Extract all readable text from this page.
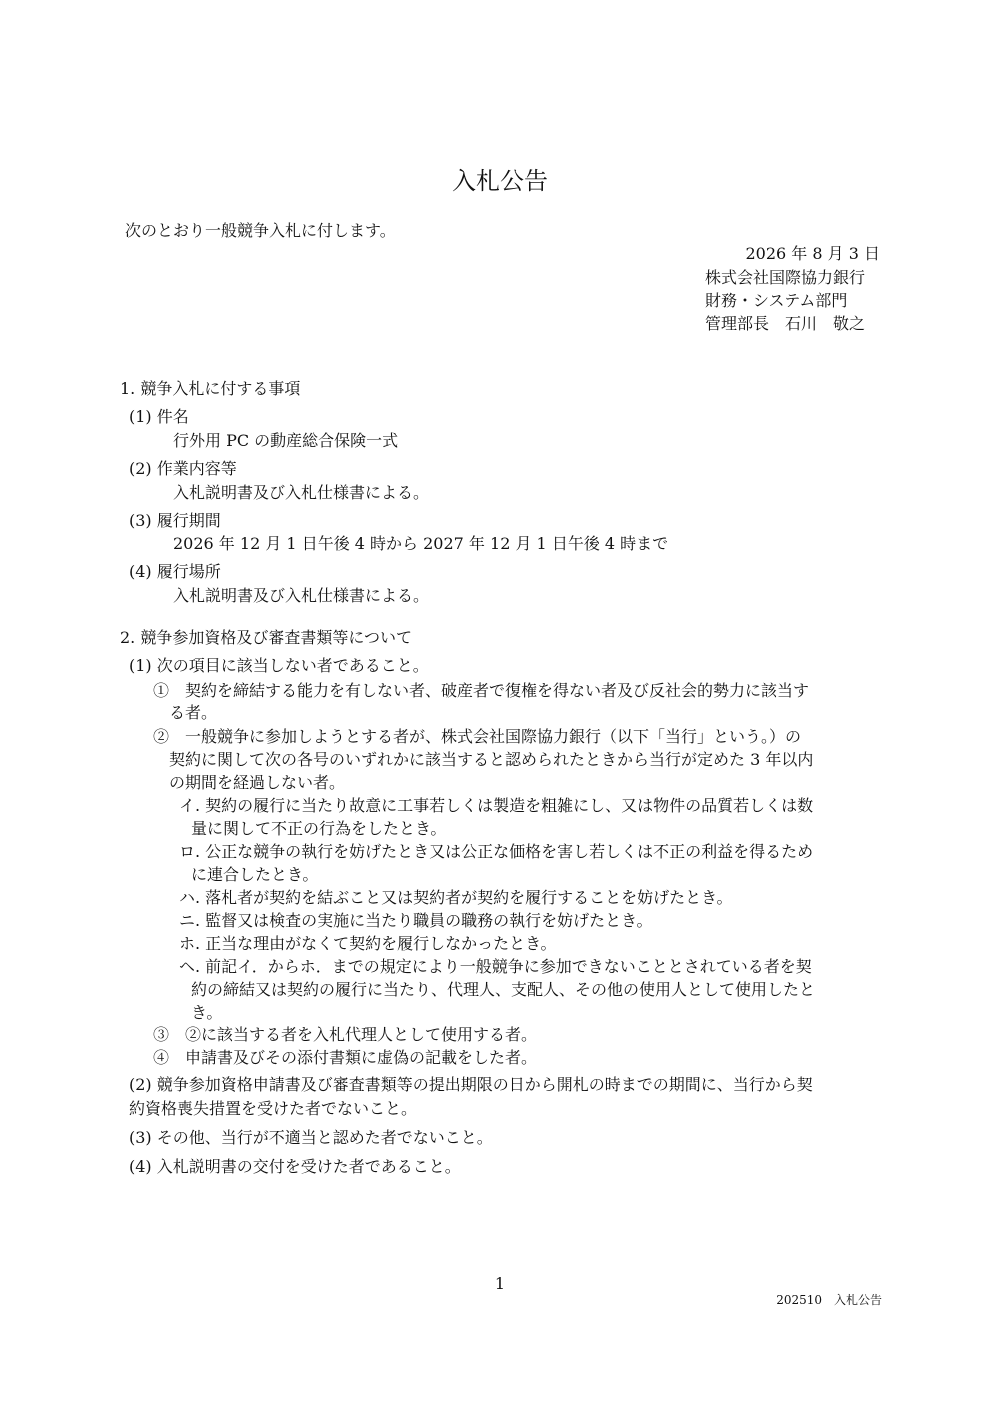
入札公告
次のとおり一般競争入札に付します。
2026 年 8 月 3 日
株式会社国際協力銀行
財務・システム部門
管理部長　石川　敬之
1. 競争入札に付する事項
(1) 件名
行外用 PC の動産総合保険一式
(2) 作業内容等
入札説明書及び入札仕様書による。
(3) 履行期間
2026 年 12 月 1 日午後 4 時から 2027 年 12 月 1 日午後 4 時まで
(4) 履行場所
入札説明書及び入札仕様書による。
2. 競争参加資格及び審査書類等について
(1) 次の項目に該当しない者であること。
①　契約を締結する能力を有しない者、破産者で復権を得ない者及び反社会的勢力に該当す
る者。
②　一般競争に参加しようとする者が、株式会社国際協力銀行（以下「当行」という。）の
契約に関して次の各号のいずれかに該当すると認められたときから当行が定めた 3 年以内
の期間を経過しない者。
イ. 契約の履行に当たり故意に工事若しくは製造を粗雑にし、又は物件の品質若しくは数
量に関して不正の行為をしたとき。
ロ. 公正な競争の執行を妨げたとき又は公正な価格を害し若しくは不正の利益を得るため
に連合したとき。
ハ. 落札者が契約を結ぶこと又は契約者が契約を履行することを妨げたとき。
ニ. 監督又は検査の実施に当たり職員の職務の執行を妨げたとき。
ホ. 正当な理由がなくて契約を履行しなかったとき。
ヘ. 前記イ．からホ．までの規定により一般競争に参加できないこととされている者を契
約の締結又は契約の履行に当たり、代理人、支配人、その他の使用人として使用したと
き。
③　②に該当する者を入札代理人として使用する者。
④　申請書及びその添付書類に虚偽の記載をした者。
(2) 競争参加資格申請書及び審査書類等の提出期限の日から開札の時までの期間に、当行から契
約資格喪失措置を受けた者でないこと。
(3) その他、当行が不適当と認めた者でないこと。
(4) 入札説明書の交付を受けた者であること。
1
202510　入札公告
